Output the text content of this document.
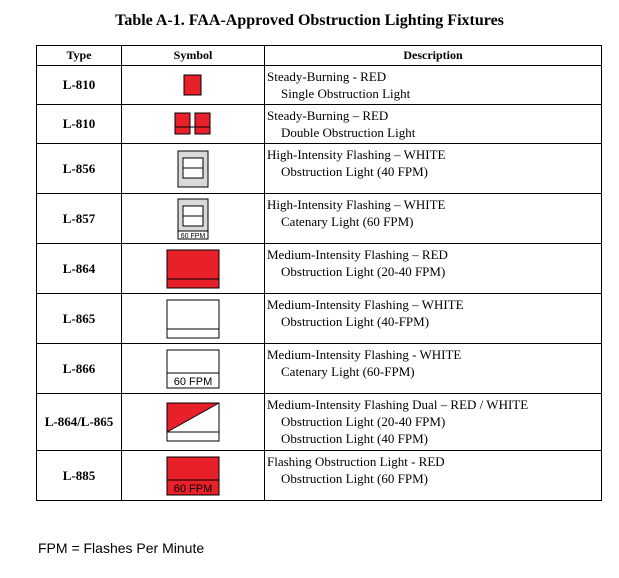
Table A-1. FAA-Approved Obstruction Lighting Fixtures
Type	Symbol	Description
L-810		Steady-Burning - RED
Single Obstruction Light

L-810		Steady-Burning – RED
Double Obstruction Light

L-856		High-Intensity Flashing – WHITE
Obstruction Light (40 FPM)

L-857	60 FPM	High-Intensity Flashing – WHITE
Catenary Light (60 FPM)

L-864		Medium-Intensity Flashing – RED
Obstruction Light (20-40 FPM)

L-865		Medium-Intensity Flashing – WHITE
Obstruction Light (40-FPM)

L-866	60 FPM	Medium-Intensity Flashing - WHITE
Catenary Light (60-FPM)

L-864/L-865		Medium-Intensity Flashing Dual – RED / WHITE
Obstruction Light (20-40 FPM)
Obstruction Light (40 FPM)

L-885	60 FPM	Flashing Obstruction Light - RED
Obstruction Light (60 FPM)
FPM = Flashes Per Minute
